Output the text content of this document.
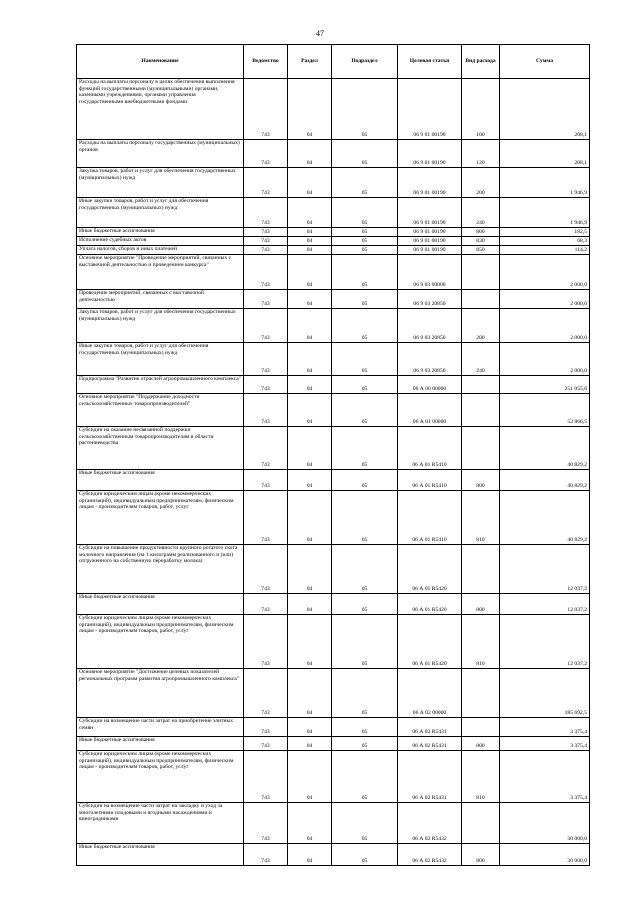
47
Наименование	Ведомство	Раздел	Подраздел	Целевая статья	Вид расхода	Сумма
Расходы на выплаты персоналу в целях обеспечения выполнения функций государственными (муниципальными) органами, казенными учреждениями, органами управления государственными внебюджетными фондами	743	04	05	06 9 01 00190	100	208,1
Расходы на выплаты персоналу государственных (муниципальных) органов	743	04	05	06 9 01 00190	120	208,1
Закупка товаров, работ и услуг для обеспечения государственных (муниципальных) нужд	743	04	05	06 9 01 00190	200	1 946,9
Иные закупки товаров, работ и услуг для обеспечения государственных (муниципальных) нужд	743	04	05	06 9 01 00190	240	1 946,9
Иные бюджетные ассигнования	743	04	05	06 9 01 00190	800	182,5
Исполнение судебных актов	743	04	05	06 9 01 00190	830	68,3
Уплата налогов, сборов и иных платежей	743	04	05	06 9 01 00190	850	114,2
Основное мероприятие "Проведение мероприятий, связанных с выставочной деятельностью и проведением конкурса"	743	04	05	06 9 03 00000		2 000,0
Проведение мероприятий, связанных с выставочной деятельностью	743	04	05	06 9 03 20850		2 000,0
Закупка товаров, работ и услуг для обеспечения государственных (муниципальных) нужд	743	04	05	06 9 03 20850	200	2 000,0
Иные закупки товаров, работ и услуг для обеспечения государственных (муниципальных) нужд	743	04	05	06 9 03 20850	240	2 000,0
Подпрограмма "Развитие отраслей агропромышленного комплекса"	743	04	05	06 А 00 00000		251 055,6
Основное мероприятие "Поддержание доходности сельскохозяйственных товаропроизводителей"	743	04	05	06 А 01 00000		52 866,5
Субсидии на оказание несвязанной поддержки сельскохозяйственным товаропроизводителям в области растениеводства	743	04	05	06 А 01 R5410		40 829,2
Иные бюджетные ассигнования	743	04	05	06 А 01 R5410	800	40 829,2
Субсидии юридическим лицам (кроме некоммерческих организаций), индивидуальным предпринимателям, физическим лицам - производителям товаров, работ, услуг	743	04	05	06 А 01 R5410	810	40 829,2
Субсидии на повышение продуктивности крупного рогатого скота молочного направления (на 1 килограмм реализованного и (или) отгруженного на собственную переработку молока)	743	04	05	06 А 01 R5420		12 037,2
Иные бюджетные ассигнования	743	04	05	06 А 01 R5420	800	12 037,2
Субсидии юридическим лицам (кроме некоммерческих организаций), индивидуальным предпринимателям, физическим лицам - производителям товаров, работ, услуг	743	04	05	06 А 01 R5420	810	12 037,2
Основное мероприятие "Достижение целевых показателей региональных программ развития агропромышленного комплекса"	743	04	05	06 А 02 00000		185 692,5
Субсидии на возмещение части затрат на приобретение элитных семян	743	04	05	06 А 02 R5431		3 375,4
Иные бюджетные ассигнования	743	04	05	06 А 02 R5431	800	3 375,4
Субсидии юридическим лицам (кроме некоммерческих организаций), индивидуальным предпринимателям, физическим лицам - производителям товаров, работ, услуг	743	04	05	06 А 02 R5431	810	3 375,4
Субсидии на возмещение части затрат на закладку и уход за многолетними плодовыми и ягодными насаждениями и виноградниками	743	04	05	06 А 02 R5432		30 000,0
Иные бюджетные ассигнования	743	04	05	06 А 02 R5432	800	30 000,0
